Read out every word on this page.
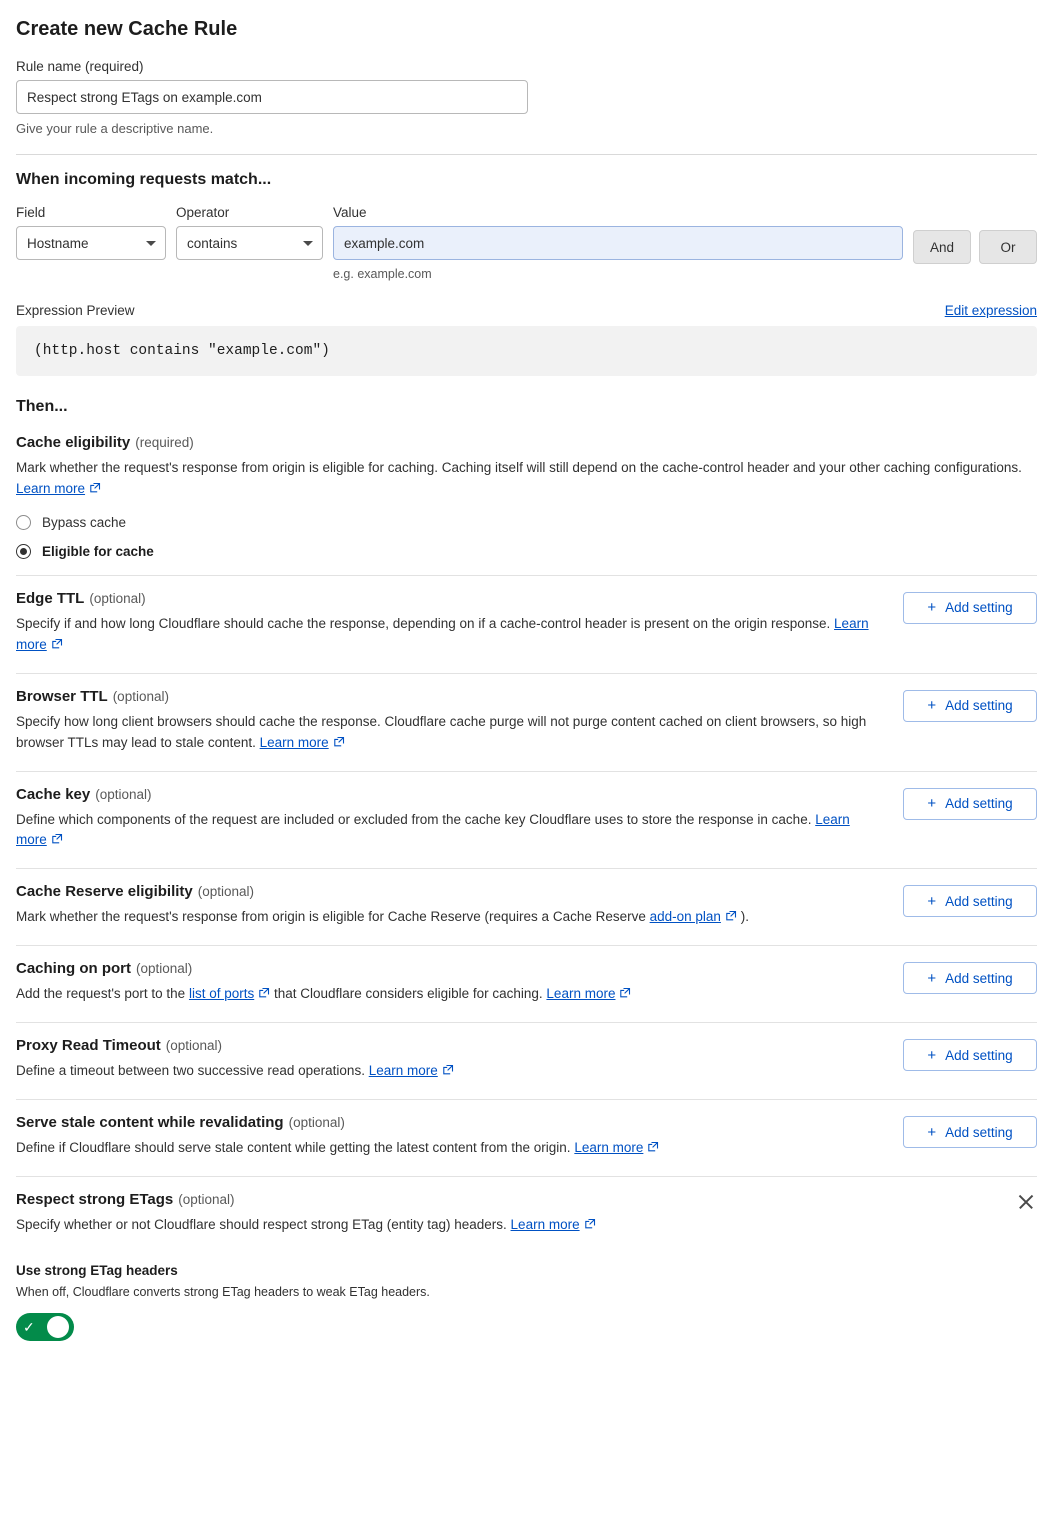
Create new Cache Rule
Rule name (required)
Respect strong ETags on example.com
Give your rule a descriptive name.
When incoming requests match...
Field
Hostname
Operator
contains
Value
example.com
e.g. example.com
And	Or
Expression Preview	Edit expression
(http.host contains "example.com")
Then...
Cache eligibility (required)
Mark whether the request's response from origin is eligible for caching. Caching itself will still depend on the cache-control header and your other caching configurations. Learn more
Bypass cache
Eligible for cache
Edge TTL (optional)
Specify if and how long Cloudflare should cache the response, depending on if a cache-control header is present on the origin response. Learn more
+ Add setting
Browser TTL (optional)
Specify how long client browsers should cache the response. Cloudflare cache purge will not purge content cached on client browsers, so high browser TTLs may lead to stale content. Learn more
+ Add setting
Cache key (optional)
Define which components of the request are included or excluded from the cache key Cloudflare uses to store the response in cache. Learn more
+ Add setting
Cache Reserve eligibility (optional)
Mark whether the request's response from origin is eligible for Cache Reserve (requires a Cache Reserve add-on plan ).
+ Add setting
Caching on port (optional)
Add the request's port to the list of ports that Cloudflare considers eligible for caching. Learn more
+ Add setting
Proxy Read Timeout (optional)
Define a timeout between two successive read operations. Learn more
+ Add setting
Serve stale content while revalidating (optional)
Define if Cloudflare should serve stale content while getting the latest content from the origin. Learn more
+ Add setting
Respect strong ETags (optional)
Specify whether or not Cloudflare should respect strong ETag (entity tag) headers. Learn more
Use strong ETag headers
When off, Cloudflare converts strong ETag headers to weak ETag headers.
✓
